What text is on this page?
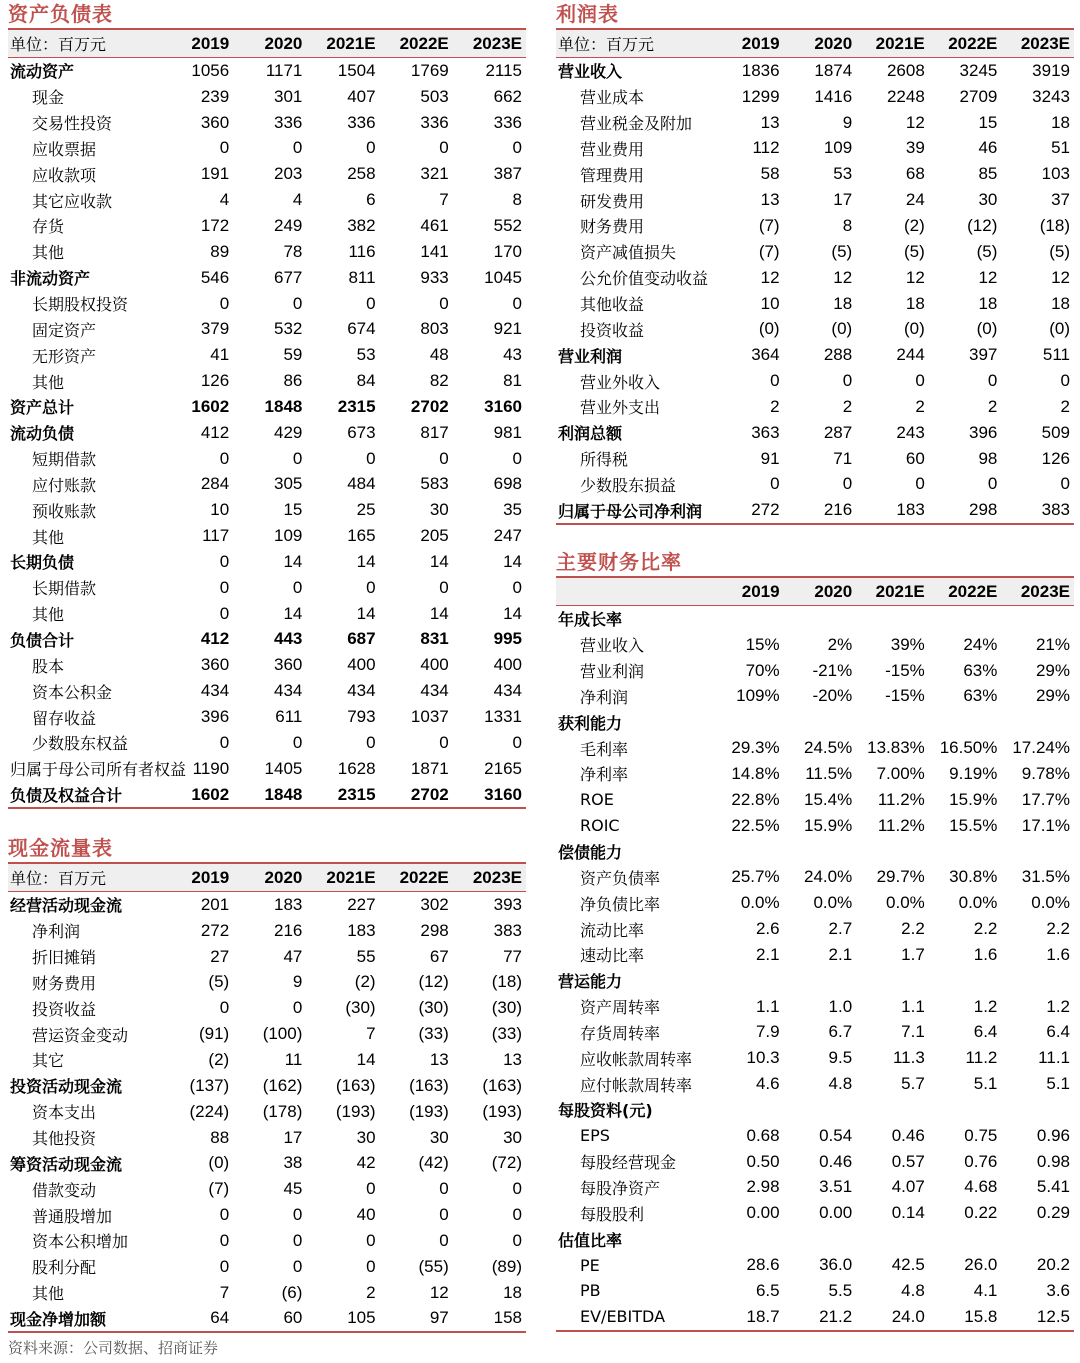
资产负债表
单位：百万元	2019	2020	2021E	2022E	2023E
流动资产	1056	1171	1504	1769	2115
现金	239	301	407	503	662
交易性投资	360	336	336	336	336
应收票据	0	0	0	0	0
应收款项	191	203	258	321	387
其它应收款	4	4	6	7	8
存货	172	249	382	461	552
其他	89	78	116	141	170
非流动资产	546	677	811	933	1045
长期股权投资	0	0	0	0	0
固定资产	379	532	674	803	921
无形资产	41	59	53	48	43
其他	126	86	84	82	81
资产总计	1602	1848	2315	2702	3160
流动负债	412	429	673	817	981
短期借款	0	0	0	0	0
应付账款	284	305	484	583	698
预收账款	10	15	25	30	35
其他	117	109	165	205	247
长期负债	0	14	14	14	14
长期借款	0	0	0	0	0
其他	0	14	14	14	14
负债合计	412	443	687	831	995
股本	360	360	400	400	400
资本公积金	434	434	434	434	434
留存收益	396	611	793	1037	1331
少数股东权益	0	0	0	0	0
归属于母公司所有者权益	1190	1405	1628	1871	2165
负债及权益合计	1602	1848	2315	2702	3160
现金流量表
单位：百万元	2019	2020	2021E	2022E	2023E
经营活动现金流	201	183	227	302	393
净利润	272	216	183	298	383
折旧摊销	27	47	55	67	77
财务费用	(5)	9	(2)	(12)	(18)
投资收益	0	0	(30)	(30)	(30)
营运资金变动	(91)	(100)	7	(33)	(33)
其它	(2)	11	14	13	13
投资活动现金流	(137)	(162)	(163)	(163)	(163)
资本支出	(224)	(178)	(193)	(193)	(193)
其他投资	88	17	30	30	30
筹资活动现金流	(0)	38	42	(42)	(72)
借款变动	(7)	45	0	0	0
普通股增加	0	0	40	0	0
资本公积增加	0	0	0	0	0
股利分配	0	0	0	(55)	(89)
其他	7	(6)	2	12	18
现金净增加额	64	60	105	97	158
利润表
单位：百万元	2019	2020	2021E	2022E	2023E
营业收入	1836	1874	2608	3245	3919
营业成本	1299	1416	2248	2709	3243
营业税金及附加	13	9	12	15	18
营业费用	112	109	39	46	51
管理费用	58	53	68	85	103
研发费用	13	17	24	30	37
财务费用	(7)	8	(2)	(12)	(18)
资产减值损失	(7)	(5)	(5)	(5)	(5)
公允价值变动收益	12	12	12	12	12
其他收益	10	18	18	18	18
投资收益	(0)	(0)	(0)	(0)	(0)
营业利润	364	288	244	397	511
营业外收入	0	0	0	0	0
营业外支出	2	2	2	2	2
利润总额	363	287	243	396	509
所得税	91	71	60	98	126
少数股东损益	0	0	0	0	0
归属于母公司净利润	272	216	183	298	383
主要财务比率
	2019	2020	2021E	2022E	2023E
年成长率					
营业收入	15%	2%	39%	24%	21%
营业利润	70%	-21%	-15%	63%	29%
净利润	109%	-20%	-15%	63%	29%
获利能力					
毛利率	29.3%	24.5%	13.83%	16.50%	17.24%
净利率	14.8%	11.5%	7.00%	9.19%	9.78%
ROE	22.8%	15.4%	11.2%	15.9%	17.7%
ROIC	22.5%	15.9%	11.2%	15.5%	17.1%
偿债能力					
资产负债率	25.7%	24.0%	29.7%	30.8%	31.5%
净负债比率	0.0%	0.0%	0.0%	0.0%	0.0%
流动比率	2.6	2.7	2.2	2.2	2.2
速动比率	2.1	2.1	1.7	1.6	1.6
营运能力					
资产周转率	1.1	1.0	1.1	1.2	1.2
存货周转率	7.9	6.7	7.1	6.4	6.4
应收帐款周转率	10.3	9.5	11.3	11.2	11.1
应付帐款周转率	4.6	4.8	5.7	5.1	5.1
每股资料(元)					
EPS	0.68	0.54	0.46	0.75	0.96
每股经营现金	0.50	0.46	0.57	0.76	0.98
每股净资产	2.98	3.51	4.07	4.68	5.41
每股股利	0.00	0.00	0.14	0.22	0.29
估值比率					
PE	28.6	36.0	42.5	26.0	20.2
PB	6.5	5.5	4.8	4.1	3.6
EV/EBITDA	18.7	21.2	24.0	15.8	12.5
资料来源：公司数据、招商证券
